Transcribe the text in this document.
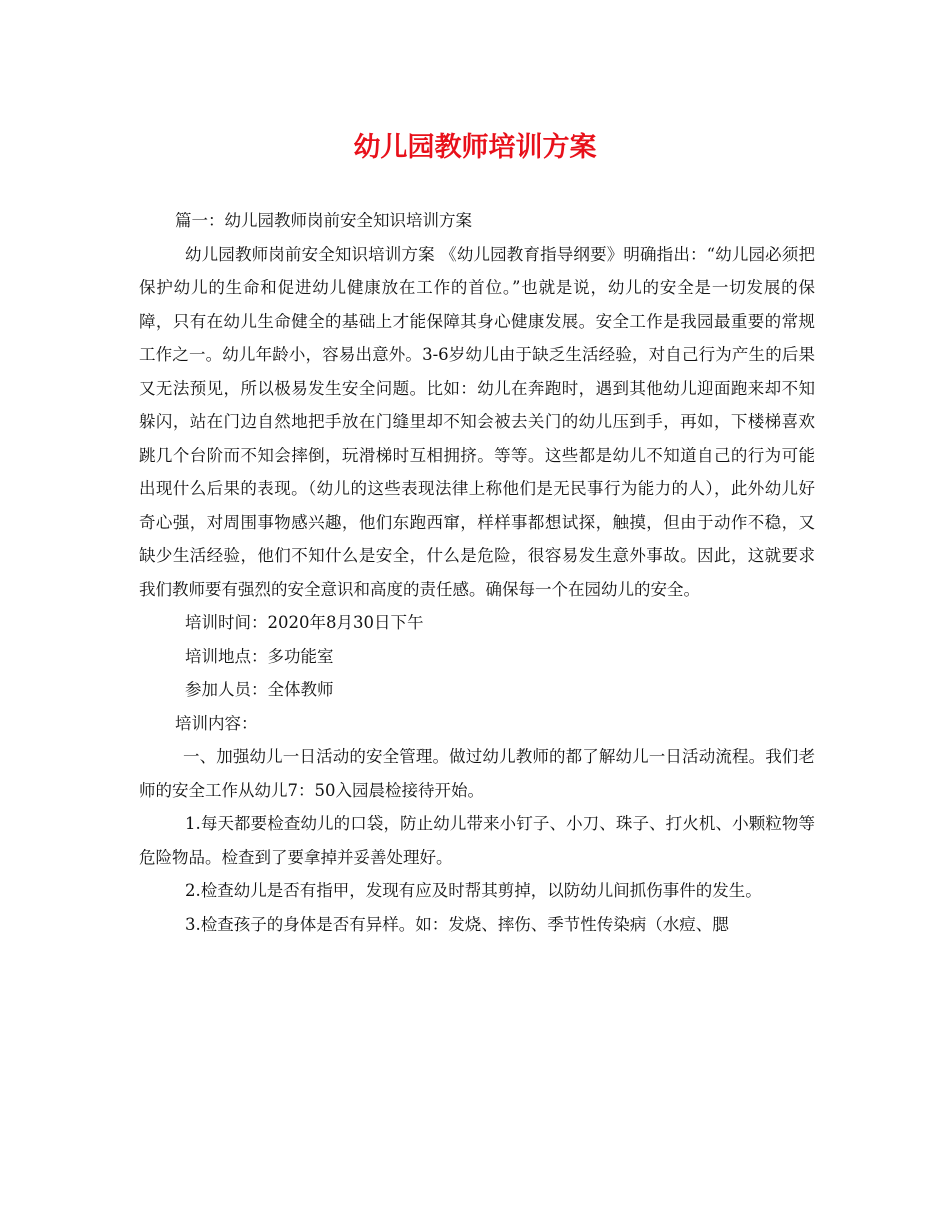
幼儿园教师培训方案

篇一：幼儿园教师岗前安全知识培训方案

幼儿园教师岗前安全知识培训方案 《幼儿园教育指导纲要》明确指出：“幼儿园必须把保护幼儿的生命和促进幼儿健康放在工作的首位。”也就是说，幼儿的安全是一切发展的保障，只有在幼儿生命健全的基础上才能保障其身心健康发展。安全工作是我园最重要的常规工作之一。幼儿年龄小，容易出意外。3-6岁幼儿由于缺乏生活经验，对自己行为产生的后果又无法预见，所以极易发生安全问题。比如：幼儿在奔跑时，遇到其他幼儿迎面跑来却不知躲闪，站在门边自然地把手放在门缝里却不知会被去关门的幼儿压到手，再如，下楼梯喜欢跳几个台阶而不知会摔倒，玩滑梯时互相拥挤。等等。这些都是幼儿不知道自己的行为可能出现什么后果的表现。（幼儿的这些表现法律上称他们是无民事行为能力的人），此外幼儿好奇心强，对周围事物感兴趣，他们东跑西窜，样样事都想试探，触摸，但由于动作不稳，又缺少生活经验，他们不知什么是安全，什么是危险，很容易发生意外事故。因此，这就要求我们教师要有强烈的安全意识和高度的责任感。确保每一个在园幼儿的安全。

培训时间：2020年8月30日下午

培训地点：多功能室

参加人员：全体教师

培训内容：

一、加强幼儿一日活动的安全管理。做过幼儿教师的都了解幼儿一日活动流程。我们老师的安全工作从幼儿7：50入园晨检接待开始。

1.每天都要检查幼儿的口袋，防止幼儿带来小钉子、小刀、珠子、打火机、小颗粒物等危险物品。检查到了要拿掉并妥善处理好。

2.检查幼儿是否有指甲，发现有应及时帮其剪掉，以防幼儿间抓伤事件的发生。

3.检查孩子的身体是否有异样。如：发烧、摔伤、季节性传染病（水痘、腮
